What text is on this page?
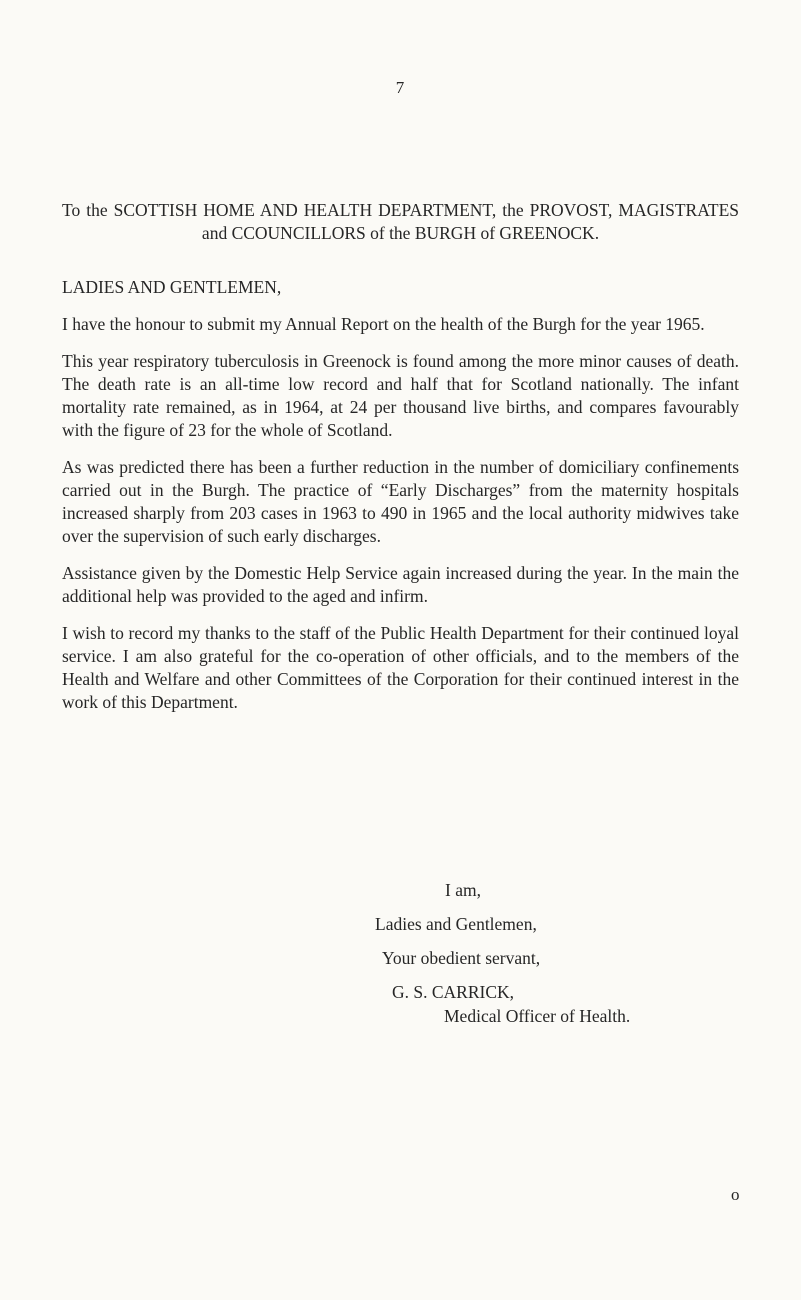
7

To the SCOTTISH HOME AND HEALTH DEPARTMENT, the PROVOST, MAGISTRATES and CCOUNCILLORS of the BURGH of GREENOCK.

LADIES AND GENTLEMEN,

I have the honour to submit my Annual Report on the health of the Burgh for the year 1965.

This year respiratory tuberculosis in Greenock is found among the more minor causes of death. The death rate is an all-time low record and half that for Scotland nationally. The infant mortality rate remained, as in 1964, at 24 per thousand live births, and compares favourably with the figure of 23 for the whole of Scotland.

As was predicted there has been a further reduction in the number of domiciliary confinements carried out in the Burgh. The practice of “Early Discharges” from the maternity hospitals increased sharply from 203 cases in 1963 to 490 in 1965 and the local authority midwives take over the supervision of such early discharges.

Assistance given by the Domestic Help Service again increased during the year. In the main the additional help was provided to the aged and infirm.

I wish to record my thanks to the staff of the Public Health Department for their continued loyal service. I am also grateful for the co-operation of other officials, and to the members of the Health and Welfare and other Committees of the Corporation for their continued interest in the work of this Department.

I am,
Ladies and Gentlemen,
Your obedient servant,
G. S. CARRICK,
Medical Officer of Health.
o
